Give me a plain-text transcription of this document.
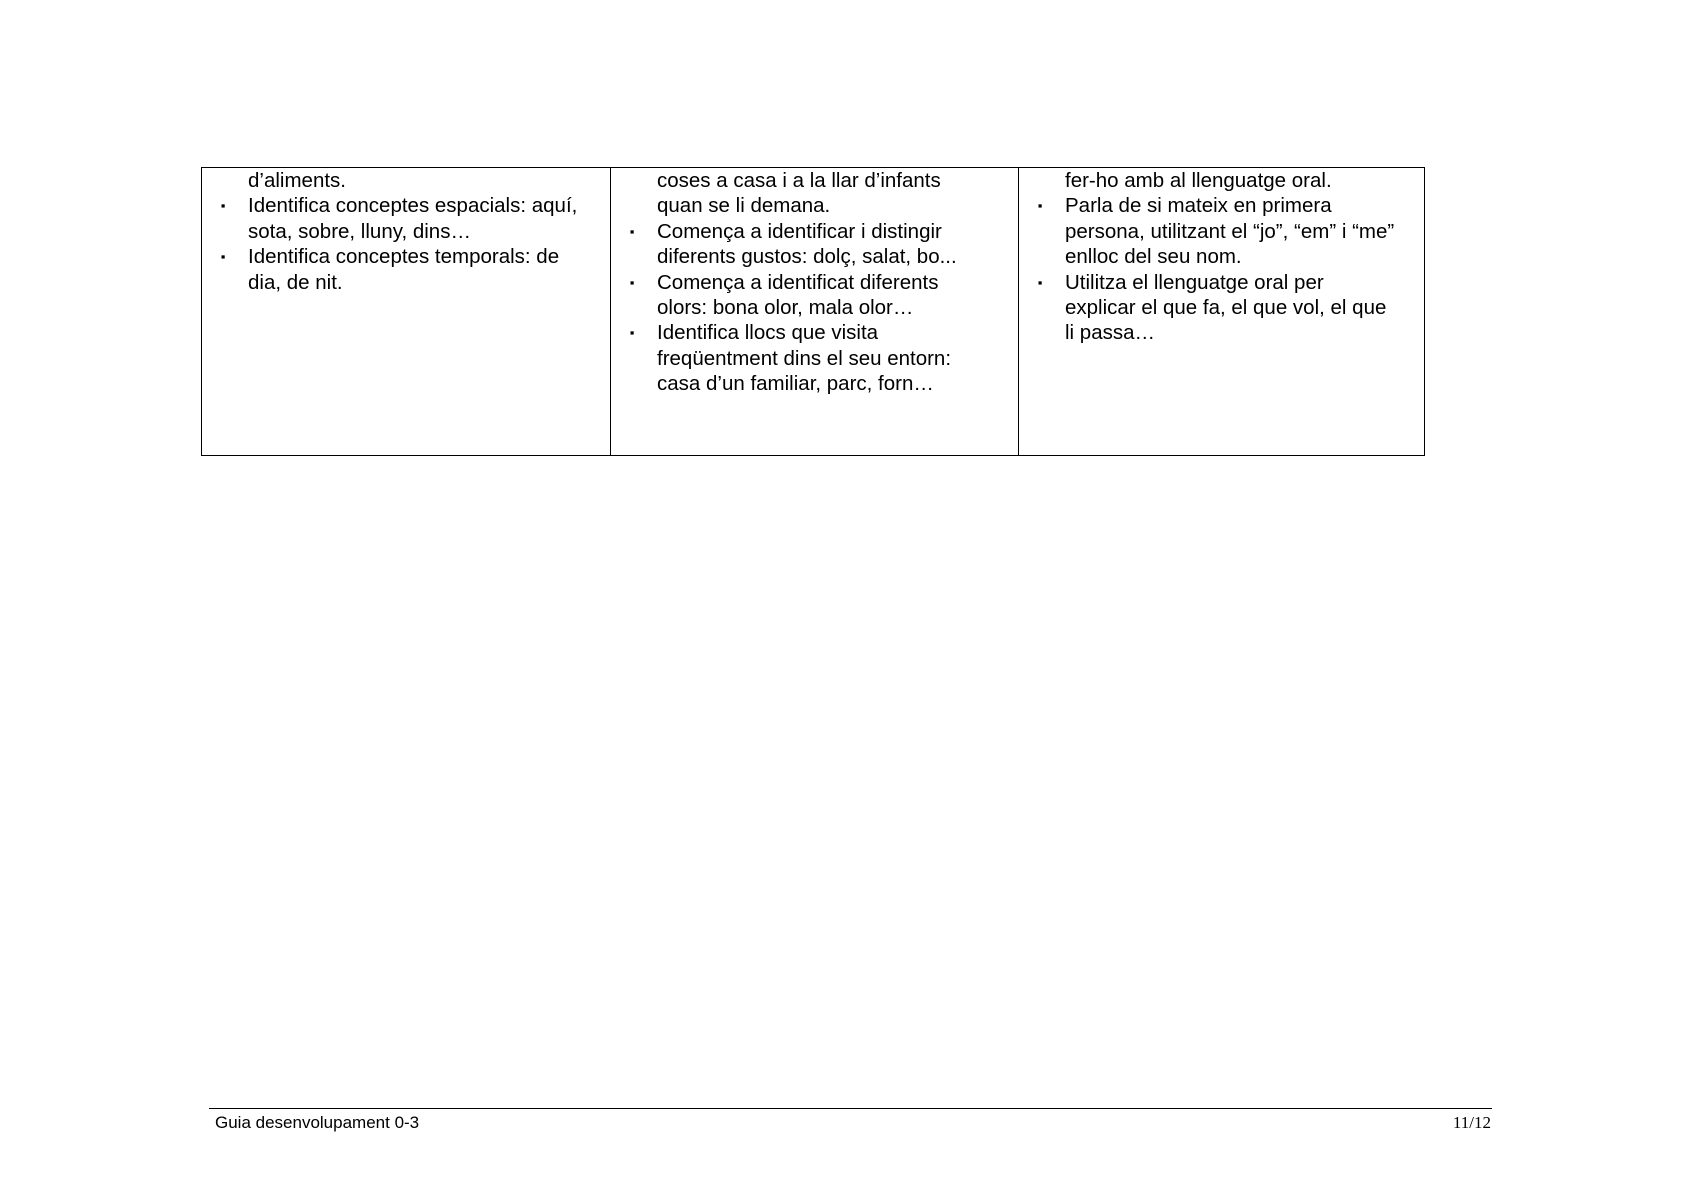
d’aliments.
▪ Identifica conceptes espacials: aquí,
sota, sobre, lluny, dins…
▪ Identifica conceptes temporals: de
dia, de nit.
coses a casa i a la llar d’infants
quan se li demana.
▪ Comença a identificar i distingir
diferents gustos: dolç, salat, bo...
▪ Comença a identificat diferents
olors: bona olor, mala olor…
▪ Identifica llocs que visita
freqüentment dins el seu entorn:
casa d’un familiar, parc, forn…
fer-ho amb al llenguatge oral.
▪ Parla de si mateix en primera
persona, utilitzant el “jo”, “em” i “me”
enlloc del seu nom.
▪ Utilitza el llenguatge oral per
explicar el que fa, el que vol, el que
li passa…
Guia desenvolupament 0-3	11/12
